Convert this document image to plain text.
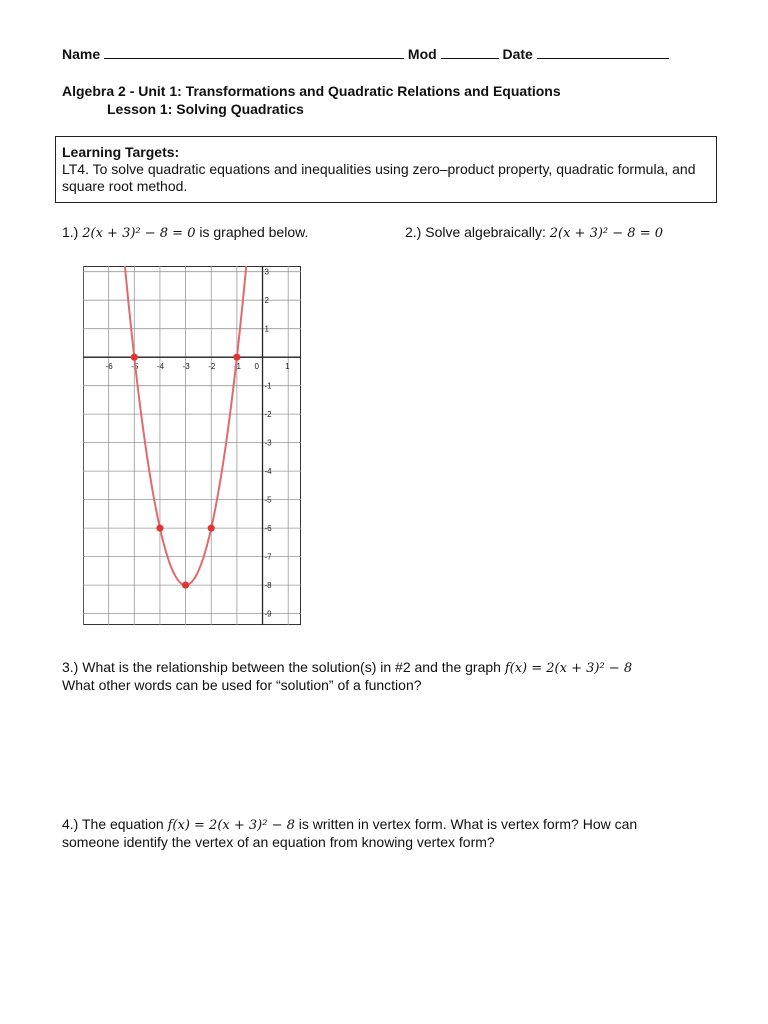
Name	Mod	Date
Algebra 2 - Unit 1: Transformations and Quadratic Relations and Equations
Lesson 1: Solving Quadratics
Learning Targets:
LT4. To solve quadratic equations and inequalities using zero–product property, quadratic formula, and square root method.
1.) 2(x + 3)² − 8 = 0 is graphed below.	2.) Solve algebraically: 2(x + 3)² − 8 = 0
-6 -5 -4 -3 -2 -1 0	1
3
2
1
-1
-2
-3
-4
-5
-6
-7
-8
-9
3.) What is the relationship between the solution(s) in #2 and the graph f(x) = 2(x + 3)² − 8
What other words can be used for “solution” of a function?
4.) The equation f(x) = 2(x + 3)² − 8 is written in vertex form. What is vertex form? How can
someone identify the vertex of an equation from knowing vertex form?
